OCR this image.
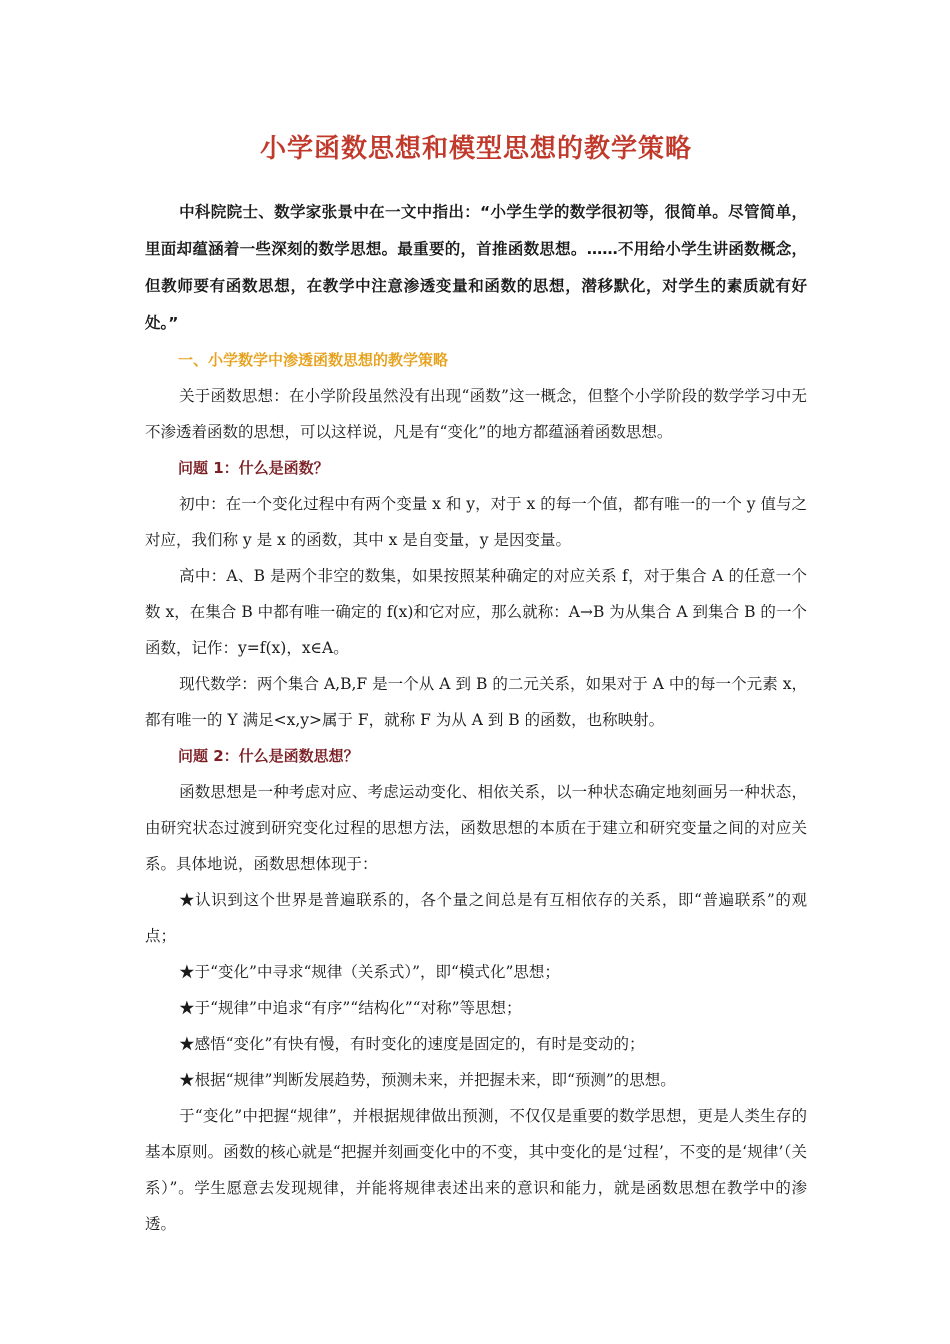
小学函数思想和模型思想的教学策略

中科院院士、数学家张景中在一文中指出：“小学生学的数学很初等，很简单。尽管简单，里面却蕴涵着一些深刻的数学思想。最重要的，首推函数思想。……不用给小学生讲函数概念，但教师要有函数思想，在教学中注意渗透变量和函数的思想，潜移默化，对学生的素质就有好处。”

一、小学数学中渗透函数思想的教学策略

关于函数思想：在小学阶段虽然没有出现“函数”这一概念，但整个小学阶段的数学学习中无不渗透着函数的思想，可以这样说，凡是有“变化”的地方都蕴涵着函数思想。

问题 1：什么是函数？

初中：在一个变化过程中有两个变量 x 和 y，对于 x 的每一个值，都有唯一的一个 y 值与之对应，我们称 y 是 x 的函数，其中 x 是自变量，y 是因变量。

高中：A、B 是两个非空的数集，如果按照某种确定的对应关系 f，对于集合 A 的任意一个数 x，在集合 B 中都有唯一确定的 f(x)和它对应，那么就称：A→B 为从集合 A 到集合 B 的一个函数，记作：y=f(x)，x∈A。

现代数学：两个集合 A,B,F 是一个从 A 到 B 的二元关系，如果对于 A 中的每一个元素 x，都有唯一的 Y 满足<x,y>属于 F，就称 F 为从 A 到 B 的函数，也称映射。

问题 2：什么是函数思想？

函数思想是一种考虑对应、考虑运动变化、相依关系，以一种状态确定地刻画另一种状态，由研究状态过渡到研究变化过程的思想方法，函数思想的本质在于建立和研究变量之间的对应关系。具体地说，函数思想体现于：

★认识到这个世界是普遍联系的，各个量之间总是有互相依存的关系，即“普遍联系”的观点；

★于“变化”中寻求“规律（关系式）”，即“模式化”思想；

★于“规律”中追求“有序”“结构化”“对称”等思想；

★感悟“变化”有快有慢，有时变化的速度是固定的，有时是变动的；

★根据“规律”判断发展趋势，预测未来，并把握未来，即“预测”的思想。

于“变化”中把握“规律”，并根据规律做出预测，不仅仅是重要的数学思想，更是人类生存的基本原则。函数的核心就是“把握并刻画变化中的不变，其中变化的是‘过程’，不变的是‘规律’（关系）”。学生愿意去发现规律，并能将规律表述出来的意识和能力，就是函数思想在教学中的渗透。
